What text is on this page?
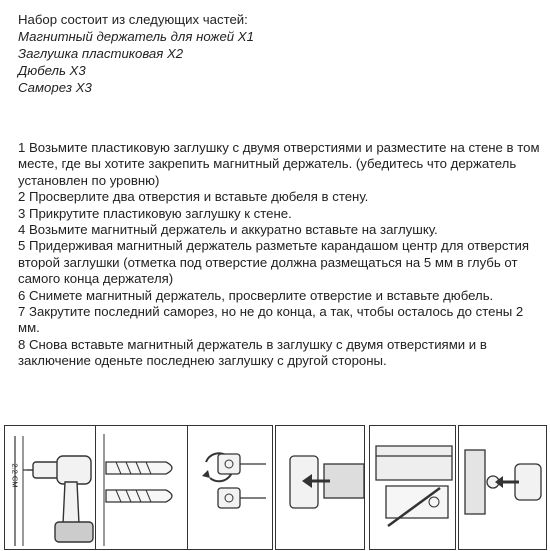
Набор состоит из следующих частей:

Магнитный держатель для ножей X1

Заглушка пластиковая X2

Дюбель X3

Саморез X3

1 Возьмите пластиковую заглушку с двумя отверстиями и разместите на стене в том месте, где вы хотите закрепить магнитный держатель. (убедитесь что держатель установлен по уровню)

2 Просверлите два отверстия и вставьте дюбеля в стену.

3 Прикрутите пластиковую заглушку к стене.

4 Возьмите магнитный держатель и аккуратно вставьте на заглушку.

5 Придерживая магнитный держатель разметьте карандашом центр для отверстия второй заглушки (отметка под отверстие должна размещаться на 5 мм в глубь от самого конца держателя)

6 Снимете магнитный держатель, просверлите отверстие и вставьте дюбель.

7 Закрутите последний саморез, но не до конца, а так, чтобы осталось до стены 2 мм.

8 Снова вставьте магнитный держатель в заглушку с двумя отверстиями и в заключение оденьте последнею заглушку с другой стороны.

2.2 CM
